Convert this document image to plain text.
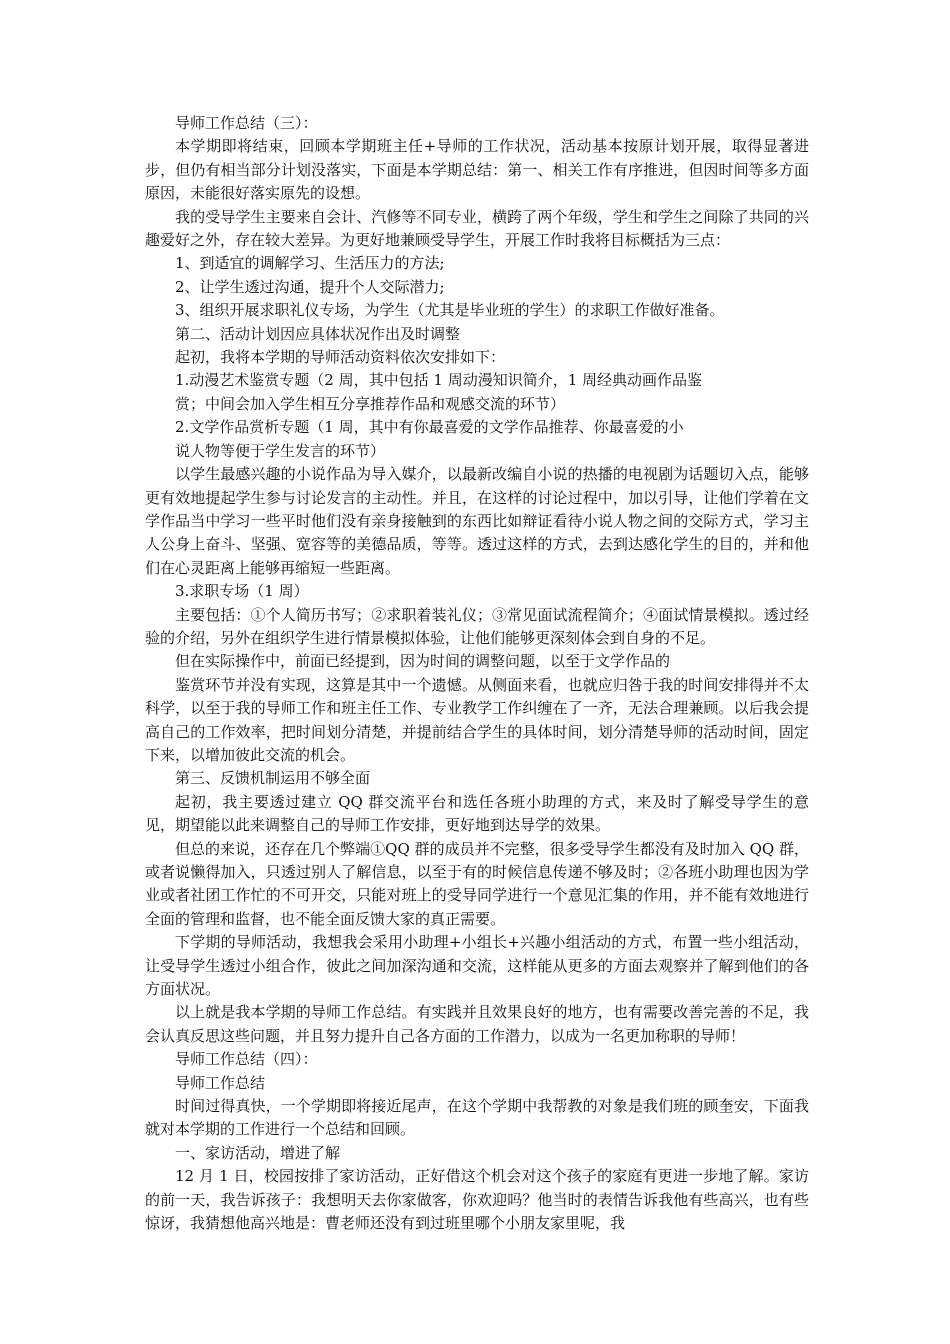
导师工作总结（三）：

本学期即将结束，回顾本学期班主任+导师的工作状况，活动基本按原计划开展，取得显著进步，但仍有相当部分计划没落实，下面是本学期总结：第一、相关工作有序推进，但因时间等多方面原因，未能很好落实原先的设想。

我的受导学生主要来自会计、汽修等不同专业，横跨了两个年级，学生和学生之间除了共同的兴趣爱好之外，存在较大差异。为更好地兼顾受导学生，开展工作时我将目标概括为三点：

1、到适宜的调解学习、生活压力的方法;

2、让学生透过沟通，提升个人交际潜力;

3、组织开展求职礼仪专场，为学生（尤其是毕业班的学生）的求职工作做好准备。

第二、活动计划因应具体状况作出及时调整

起初，我将本学期的导师活动资料依次安排如下：

1.动漫艺术鉴赏专题（2 周，其中包括 1 周动漫知识简介，1 周经典动画作品鉴

赏；中间会加入学生相互分享推荐作品和观感交流的环节）

2.文学作品赏析专题（1 周，其中有你最喜爱的文学作品推荐、你最喜爱的小

说人物等便于学生发言的环节）

以学生最感兴趣的小说作品为导入媒介，以最新改编自小说的热播的电视剧为话题切入点，能够更有效地提起学生参与讨论发言的主动性。并且，在这样的讨论过程中，加以引导，让他们学着在文学作品当中学习一些平时他们没有亲身接触到的东西比如辩证看待小说人物之间的交际方式，学习主人公身上奋斗、坚强、宽容等的美德品质，等等。透过这样的方式，去到达感化学生的目的，并和他们在心灵距离上能够再缩短一些距离。

3.求职专场（1 周）

主要包括：①个人简历书写；②求职着装礼仪；③常见面试流程简介；④面试情景模拟。透过经验的介绍，另外在组织学生进行情景模拟体验，让他们能够更深刻体会到自身的不足。

但在实际操作中，前面已经提到，因为时间的调整问题，以至于文学作品的

鉴赏环节并没有实现，这算是其中一个遗憾。从侧面来看，也就应归咎于我的时间安排得并不太科学，以至于我的导师工作和班主任工作、专业教学工作纠缠在了一齐，无法合理兼顾。以后我会提高自己的工作效率，把时间划分清楚，并提前结合学生的具体时间，划分清楚导师的活动时间，固定下来，以增加彼此交流的机会。

第三、反馈机制运用不够全面

起初，我主要透过建立 QQ 群交流平台和选任各班小助理的方式，来及时了解受导学生的意见，期望能以此来调整自己的导师工作安排，更好地到达导学的效果。

但总的来说，还存在几个弊端①QQ 群的成员并不完整，很多受导学生都没有及时加入 QQ 群，或者说懒得加入，只透过别人了解信息，以至于有的时候信息传递不够及时；②各班小助理也因为学业或者社团工作忙的不可开交，只能对班上的受导同学进行一个意见汇集的作用，并不能有效地进行全面的管理和监督，也不能全面反馈大家的真正需要。

下学期的导师活动，我想我会采用小助理+小组长+兴趣小组活动的方式，布置一些小组活动，让受导学生透过小组合作，彼此之间加深沟通和交流，这样能从更多的方面去观察并了解到他们的各方面状况。

以上就是我本学期的导师工作总结。有实践并且效果良好的地方，也有需要改善完善的不足，我会认真反思这些问题，并且努力提升自己各方面的工作潜力，以成为一名更加称职的导师！

导师工作总结（四）：

导师工作总结

时间过得真快，一个学期即将接近尾声，在这个学期中我帮教的对象是我们班的顾奎安，下面我就对本学期的工作进行一个总结和回顾。

一、家访活动，增进了解

12 月 1 日，校园按排了家访活动，正好借这个机会对这个孩子的家庭有更进一步地了解。家访的前一天，我告诉孩子：我想明天去你家做客，你欢迎吗？他当时的表情告诉我他有些高兴，也有些惊讶，我猜想他高兴地是：曹老师还没有到过班里哪个小朋友家里呢，我
